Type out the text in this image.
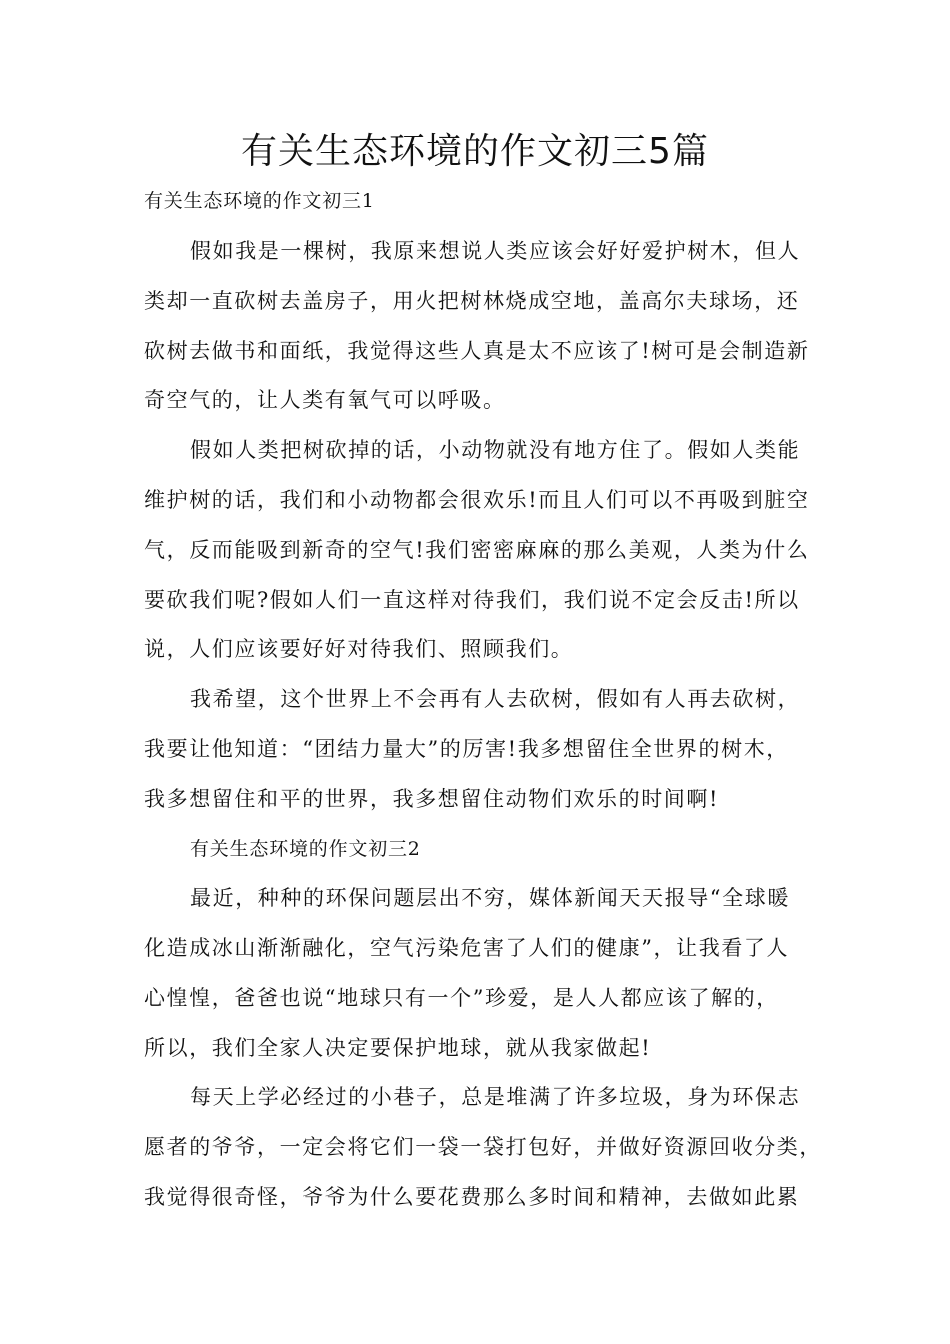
有关生态环境的作文初三5篇
有关生态环境的作文初三1
假如我是一棵树，我原来想说人类应该会好好爱护树木，但人
类却一直砍树去盖房子，用火把树林烧成空地，盖高尔夫球场，还
砍树去做书和面纸，我觉得这些人真是太不应该了!树可是会制造新
奇空气的，让人类有氧气可以呼吸。
假如人类把树砍掉的话，小动物就没有地方住了。假如人类能
维护树的话，我们和小动物都会很欢乐!而且人们可以不再吸到脏空
气，反而能吸到新奇的空气!我们密密麻麻的那么美观，人类为什么
要砍我们呢?假如人们一直这样对待我们，我们说不定会反击!所以
说，人们应该要好好对待我们、照顾我们。
我希望，这个世界上不会再有人去砍树，假如有人再去砍树，
我要让他知道：“团结力量大”的厉害!我多想留住全世界的树木，
我多想留住和平的世界，我多想留住动物们欢乐的时间啊!
有关生态环境的作文初三2
最近，种种的环保问题层出不穷，媒体新闻天天报导“全球暖
化造成冰山渐渐融化，空气污染危害了人们的健康”，让我看了人
心惶惶，爸爸也说“地球只有一个”珍爱，是人人都应该了解的，
所以，我们全家人决定要保护地球，就从我家做起!
每天上学必经过的小巷子，总是堆满了许多垃圾，身为环保志
愿者的爷爷，一定会将它们一袋一袋打包好，并做好资源回收分类，
我觉得很奇怪，爷爷为什么要花费那么多时间和精神，去做如此累
